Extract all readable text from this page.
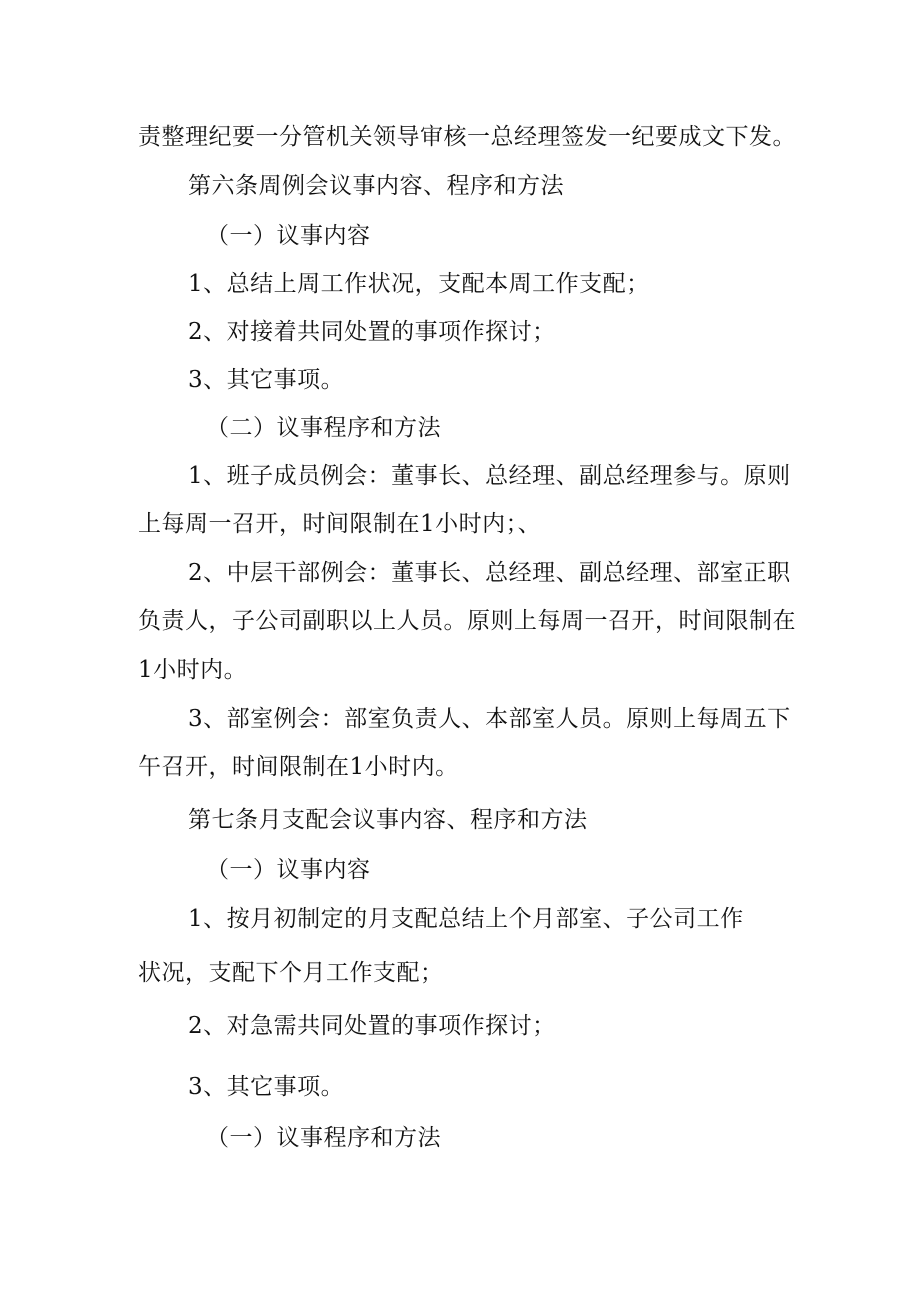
责整理纪要一分管机关领导审核一总经理签发一纪要成文下发。
第六条周例会议事内容、程序和方法
（一）议事内容
1、总结上周工作状况，支配本周工作支配；
2、对接着共同处置的事项作探讨；
3、其它事项。
（二）议事程序和方法
1、班子成员例会：董事长、总经理、副总经理参与。原则
上每周一召开，时间限制在1小时内；、
2、中层干部例会：董事长、总经理、副总经理、部室正职
负责人，子公司副职以上人员。原则上每周一召开，时间限制在
1小时内。
3、部室例会：部室负责人、本部室人员。原则上每周五下
午召开，时间限制在1小时内。
第七条月支配会议事内容、程序和方法
（一）议事内容
1、按月初制定的月支配总结上个月部室、子公司工作
状况，支配下个月工作支配；
2、对急需共同处置的事项作探讨；
3、其它事项。
（一）议事程序和方法
